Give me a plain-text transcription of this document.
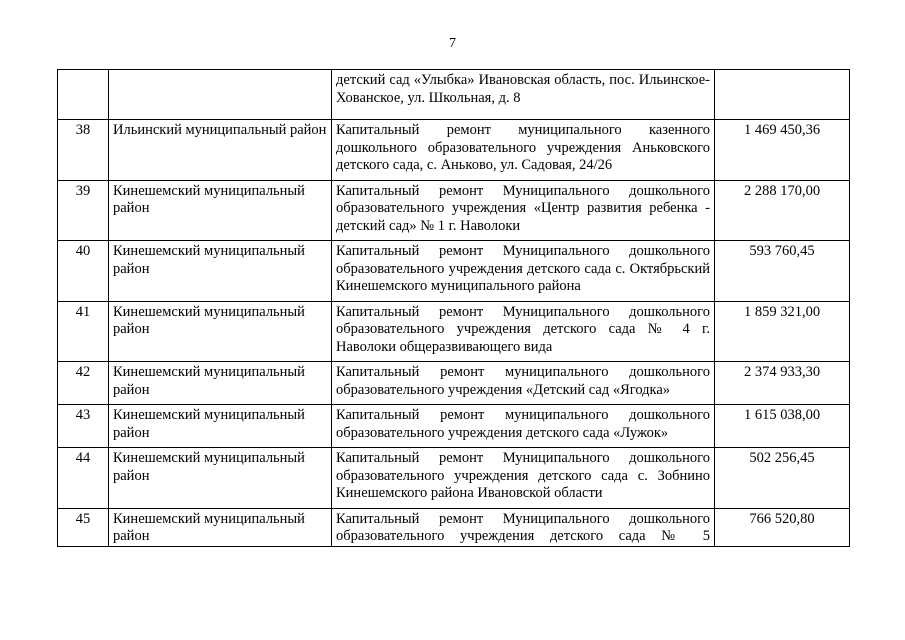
7
		детский сад «Улыбка» Ивановская область, пос. Ильинское-Хованское, ул. Школьная, д. 8	
38	Ильинский муниципальный район	Капитальный ремонт муниципального казенного дошкольного образовательного учреждения Аньковского детского сада, с. Аньково, ул. Садовая, 24/26	1 469 450,36
39	Кинешемский муниципальный район	Капитальный ремонт Муниципального дошкольного образовательного учреждения «Центр развития ребенка - детский сад» № 1 г. Наволоки	2 288 170,00
40	Кинешемский муниципальный район	Капитальный ремонт Муниципального дошкольного образовательного учреждения детского сада с. Октябрьский Кинешемского муниципального района	593 760,45
41	Кинешемский муниципальный район	Капитальный ремонт Муниципального дошкольного образовательного учреждения детского сада № 4 г. Наволоки общеразвивающего вида	1 859 321,00
42	Кинешемский муниципальный район	Капитальный ремонт муниципального дошкольного образовательного учреждения «Детский сад «Ягодка»	2 374 933,30
43	Кинешемский муниципальный район	Капитальный ремонт муниципального дошкольного образовательного учреждения детского сада «Лужок»	1 615 038,00
44	Кинешемский муниципальный район	Капитальный ремонт Муниципального дошкольного образовательного учреждения детского сада с. Зобнино Кинешемского района Ивановской области	502 256,45
45	Кинешемский муниципальный район	Капитальный ремонт Муниципального дошкольного образовательного учреждения детского сада № 5	766 520,80
